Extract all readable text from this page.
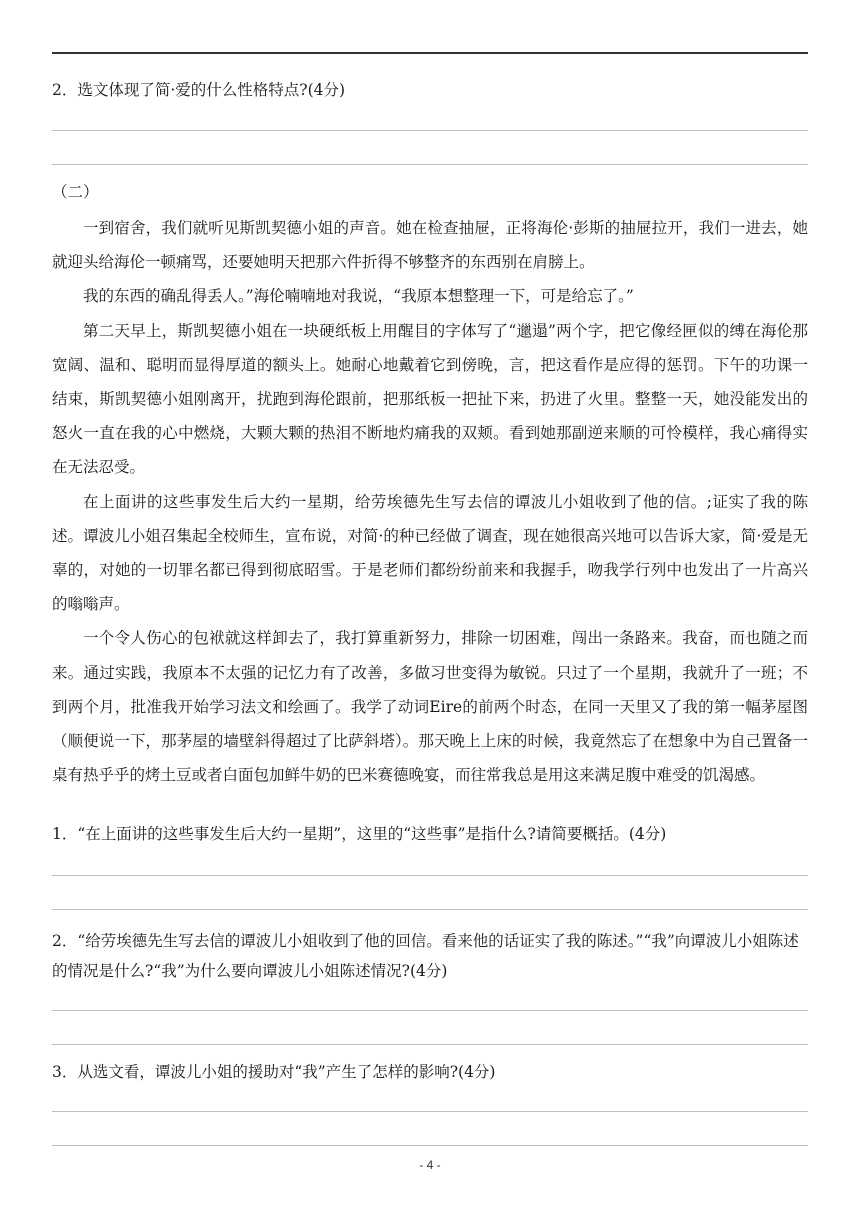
2．选文体现了简·爱的什么性格特点?(4分)

（二）

一到宿舍，我们就听见斯凯契德小姐的声音。她在检查抽屉，正将海伦·彭斯的抽屉拉开，我们一进去，她就迎头给海伦一顿痛骂，还要她明天把那六件折得不够整齐的东西别在肩膀上。

我的东西的确乱得丢人。”海伦喃喃地对我说，“我原本想整理一下，可是给忘了。”

第二天早上，斯凯契德小姐在一块硬纸板上用醒目的字体写了“邋遢”两个字，把它像经匣似的缚在海伦那宽阔、温和、聪明而显得厚道的额头上。她耐心地戴着它到傍晚，言，把这看作是应得的惩罚。下午的功课一结束，斯凯契德小姐刚离开，扰跑到海伦跟前，把那纸板一把扯下来，扔进了火里。整整一天，她没能发出的怒火一直在我的心中燃烧，大颗大颗的热泪不断地灼痛我的双颊。看到她那副逆来顺的可怜模样，我心痛得实在无法忍受。

在上面讲的这些事发生后大约一星期，给劳埃德先生写去信的谭波儿小姐收到了他的信。;证实了我的陈述。谭波儿小姐召集起全校师生，宣布说，对简·的种已经做了调查，现在她很高兴地可以告诉大家，简·爱是无辜的，对她的一切罪名都已得到彻底昭雪。于是老师们都纷纷前来和我握手，吻我学行列中也发出了一片高兴的嗡嗡声。

一个令人伤心的包袱就这样卸去了，我打算重新努力，排除一切困难，闯出一条路来。我奋，而也随之而来。通过实践，我原本不太强的记忆力有了改善，多做习世变得为敏锐。只过了一个星期，我就升了一班；不到两个月，批准我开始学习法文和绘画了。我学了动词Eire的前两个时态，在同一天里又了我的第一幅茅屋图（顺便说一下，那茅屋的墙壁斜得超过了比萨斜塔）。那天晚上上床的时候，我竟然忘了在想象中为自己置备一桌有热乎乎的烤土豆或者白面包加鲜牛奶的巴米赛德晚宴，而往常我总是用这来满足腹中难受的饥渴感。

1．“在上面讲的这些事发生后大约一星期”，这里的“这些事”是指什么?请简要概括。(4分)

2．“给劳埃德先生写去信的谭波儿小姐收到了他的回信。看来他的话证实了我的陈述。”“我”向谭波儿小姐陈述的情况是什么?“我”为什么要向谭波儿小姐陈述情况?(4分)

3．从选文看，谭波儿小姐的援助对“我”产生了怎样的影响?(4分)

- 4 -
